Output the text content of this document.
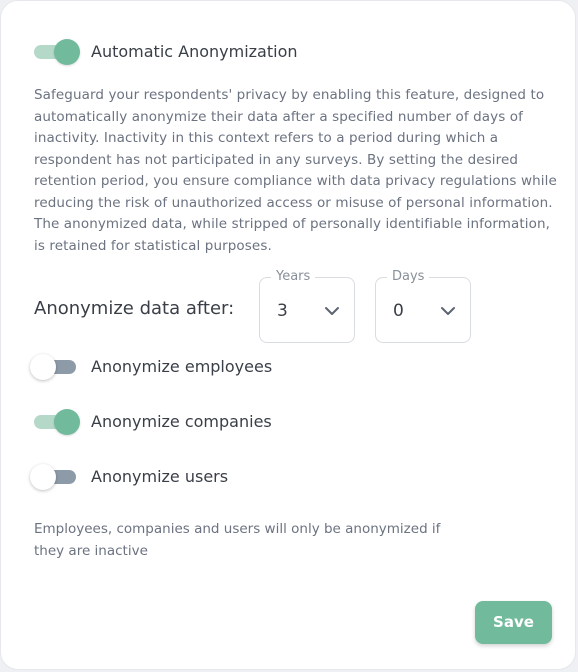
Automatic Anonymization
Safeguard your respondents' privacy by enabling this feature, designed to automatically anonymize their data after a specified number of days of inactivity. Inactivity in this context refers to a period during which a respondent has not participated in any surveys. By setting the desired retention period, you ensure compliance with data privacy regulations while reducing the risk of unauthorized access or misuse of personal information. The anonymized data, while stripped of personally identifiable information, is retained for statistical purposes.
Anonymize data after:
Years
3
Days
0
Anonymize employees
Anonymize companies
Anonymize users
Employees, companies and users will only be anonymized if they are inactive
Save
